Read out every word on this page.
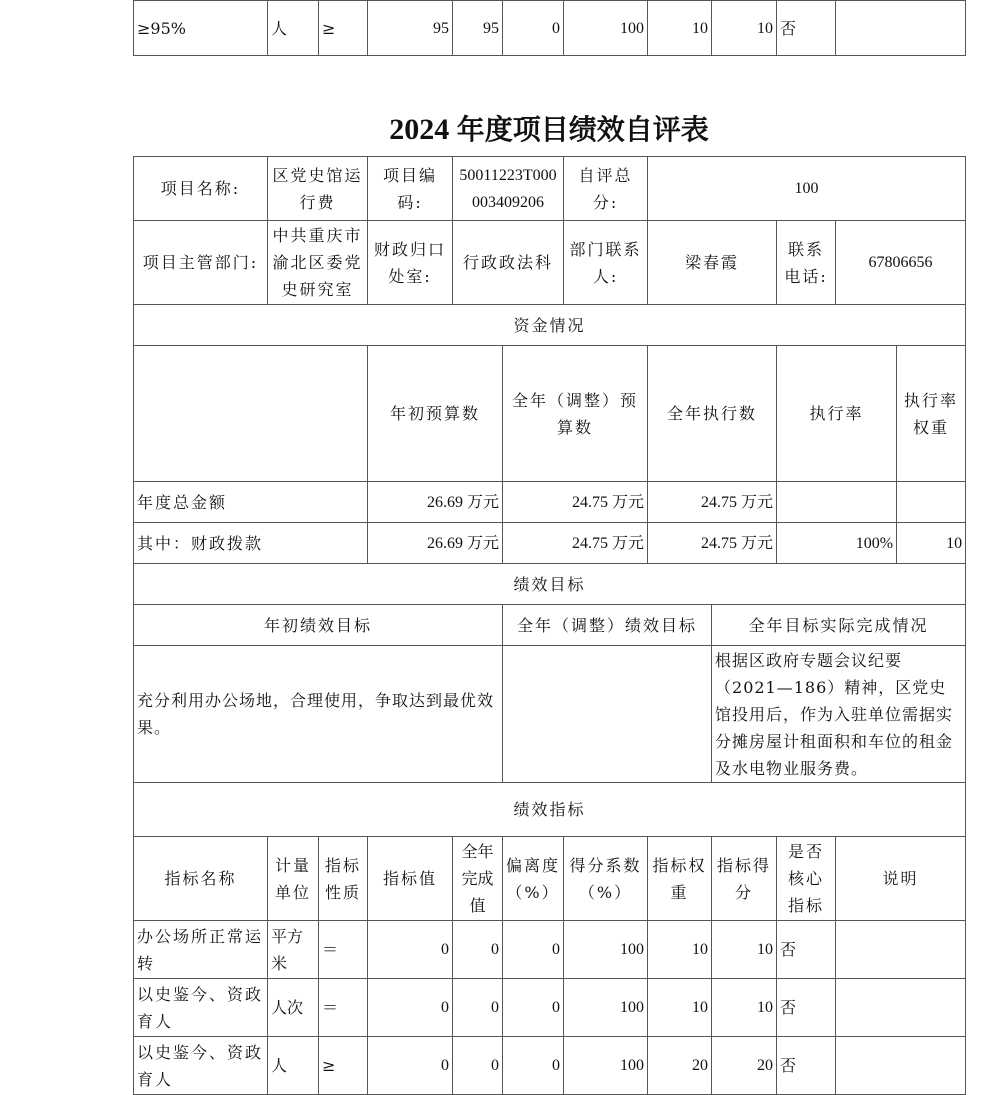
≥95%	人	≥	95	95	0	100	10	10	否	
2024 年度项目绩效自评表
项目名称:	区党史馆运行费		项目编码:	50011223T000003409206		自评总分:	100					
项目主管部门:	中共重庆市渝北区委党史研究室		财政归口处室:	行政政法科		部门联系人:	梁春霞		联系电话:	67806656		
资金情况												
			年初预算数		全年（调整）预算数		全年执行数		执行率		执行率权重	
年度总金额			26.69 万元		24.75 万元		24.75 万元					
其中：财政拨款			26.69 万元		24.75 万元		24.75 万元		100%		10	
绩效目标												
年初绩效目标					全年（调整）绩效目标			全年目标实际完成情况				
充分利用办公场地，合理使用，争取达到最优效果。								根据区政府专题会议纪要（2021—186）精神，区党史馆投用后，作为入驻单位需据实分摊房屋计租面积和车位的租金及水电物业服务费。				
绩效指标												
指标名称	计量单位	指标性质	指标值	全年完成值	偏离度（%）	得分系数（%）	指标权重	指标得分	是否核心指标	说明		
办公场所正常运转	平方米	＝	0	0	0	100	10	10	否			
以史鉴今、资政育人	人次	＝	0	0	0	100	10	10	否			
以史鉴今、资政育人	人	≥	0	0	0	100	20	20	否			
